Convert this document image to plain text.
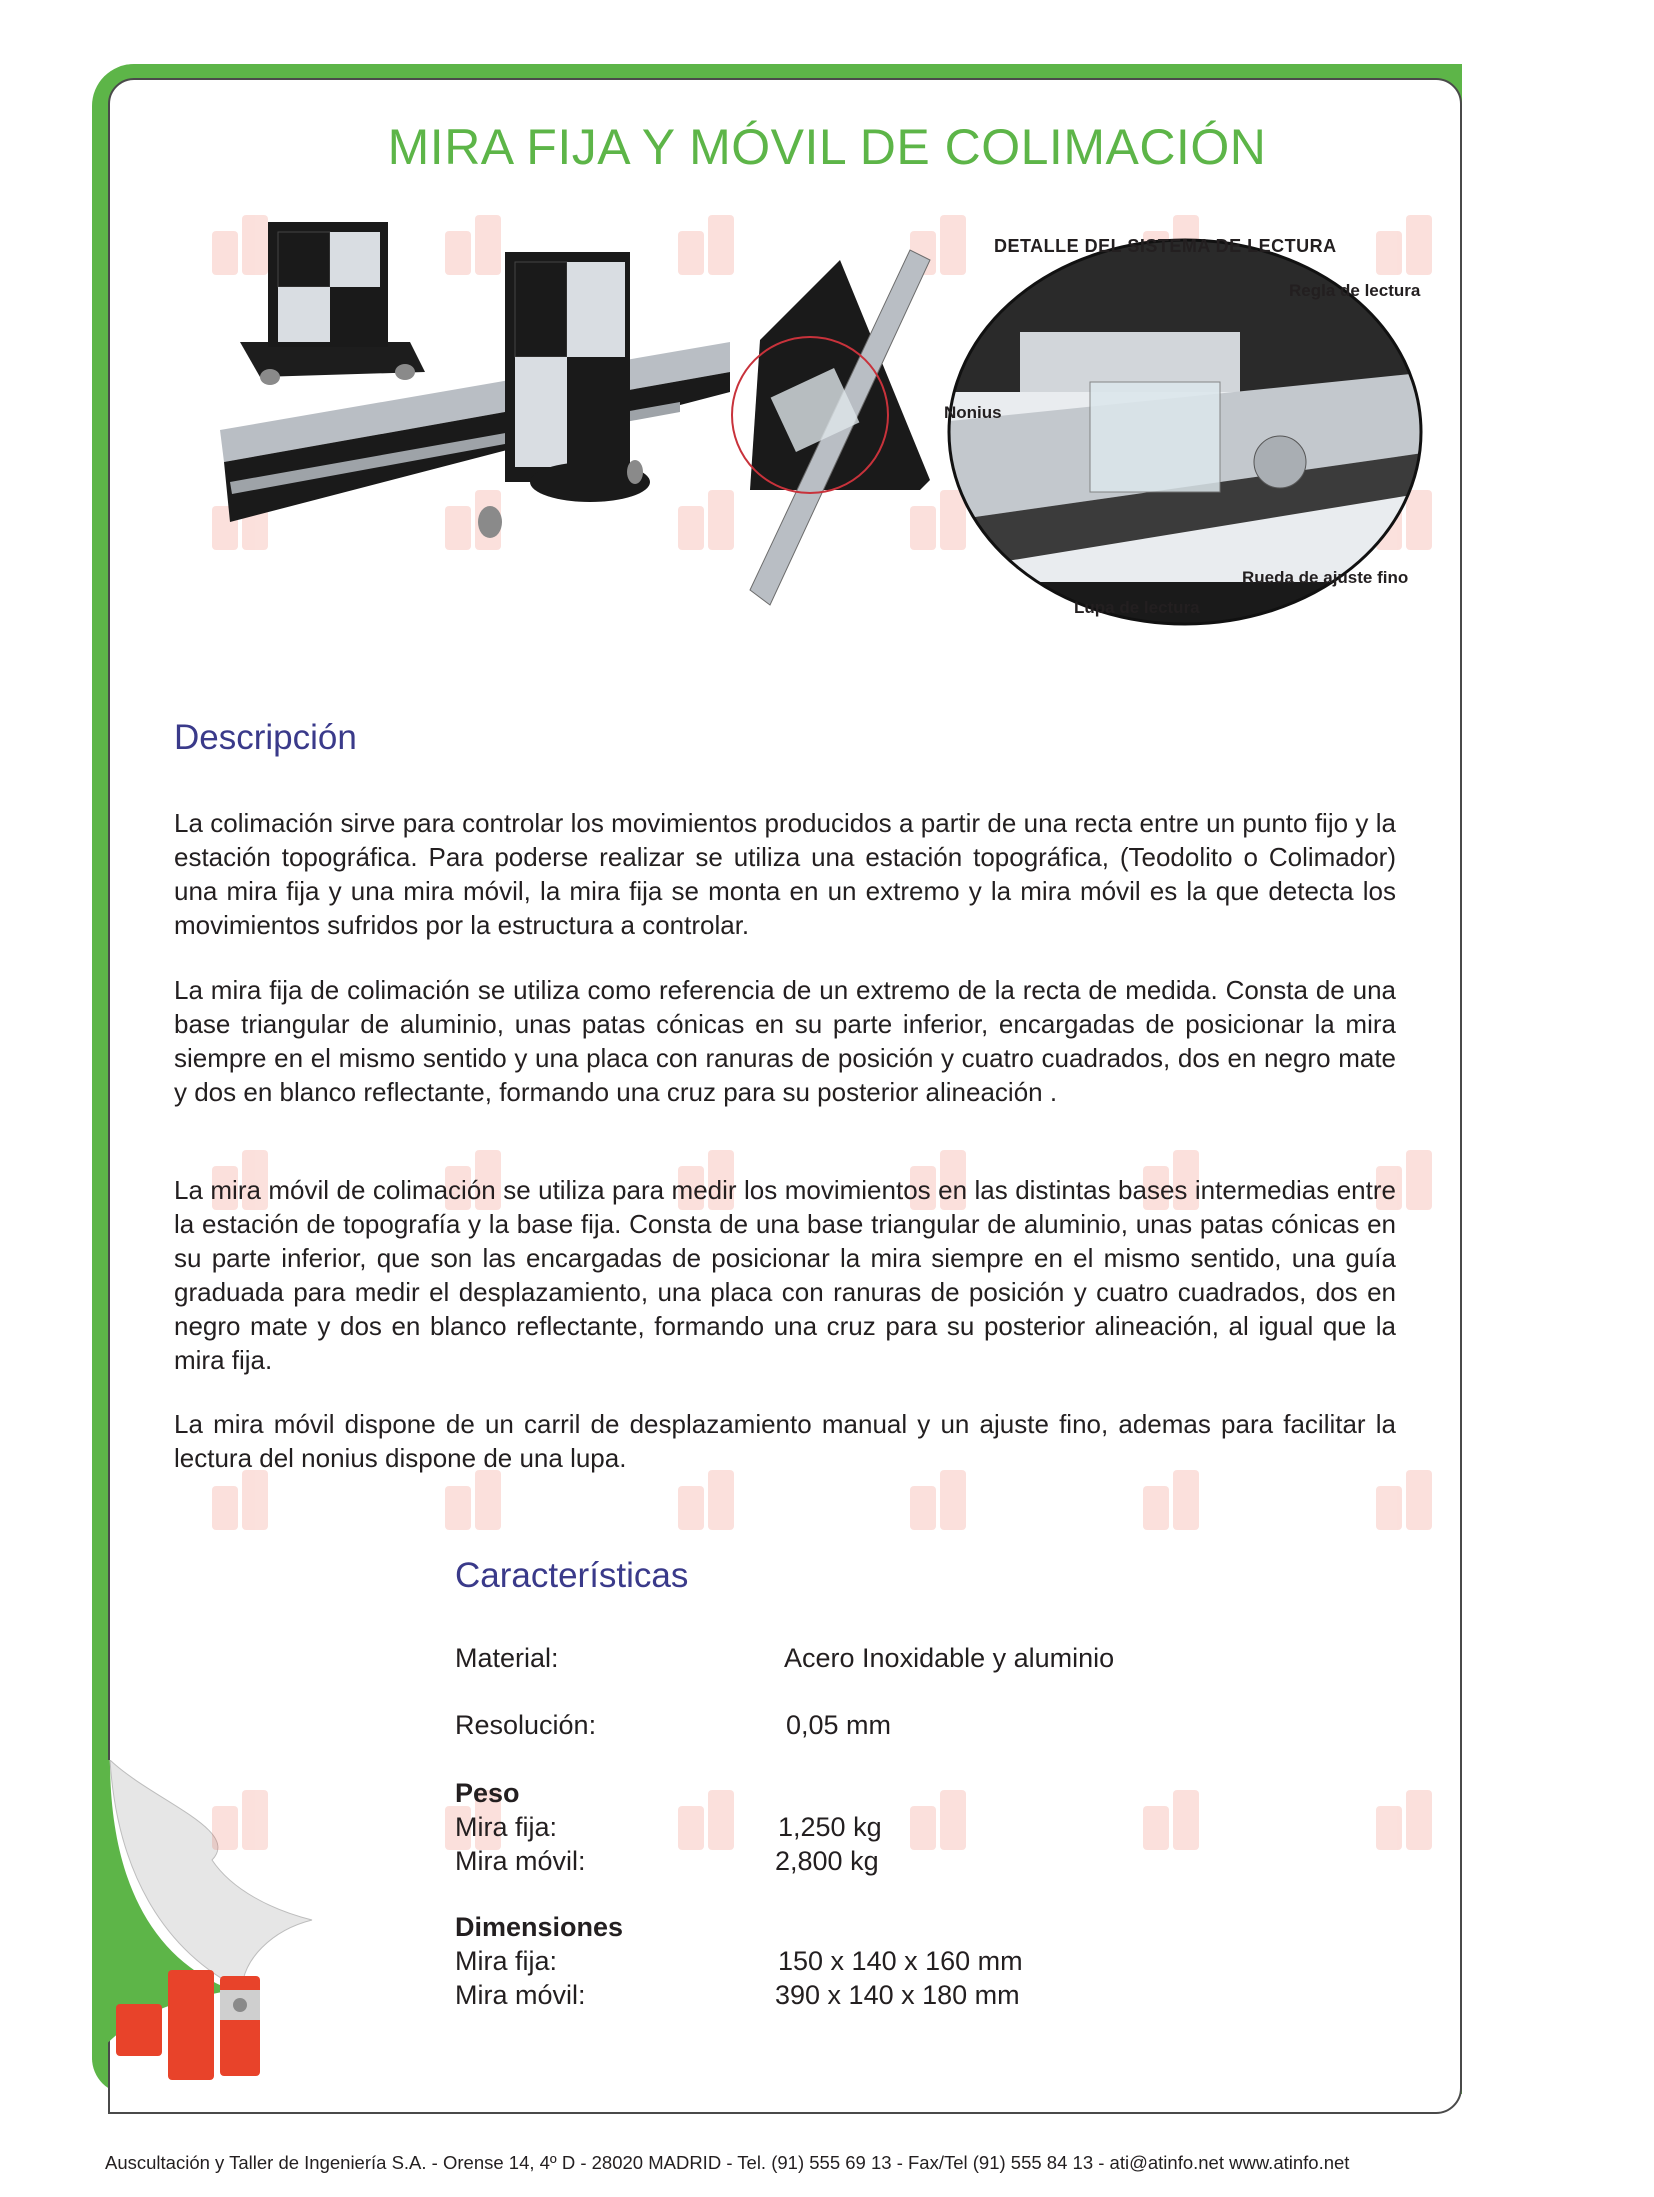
MIRA FIJA Y MÓVIL DE COLIMACIÓN
DETALLE DEL SISTEMA DE LECTURA
Regla de lectura
Nonius
Rueda de ajuste fino
Lupa de lectura
Descripción

La colimación sirve para controlar los movimientos producidos a partir de una recta entre un punto fijo y la estación topográfica. Para poderse realizar se utiliza una estación topográfica, (Teodolito o Colimador) una mira fija y una mira móvil, la mira fija se monta en un extremo y la mira móvil es la que detecta los movimientos sufridos por la estructura a controlar.

La mira fija de colimación se utiliza como referencia de un extremo de la recta de medida. Consta de una base triangular de aluminio, unas patas cónicas en su parte inferior, encargadas de posicionar la mira siempre en el mismo sentido y una placa con ranuras de posición y cuatro cuadrados, dos en negro mate y dos en blanco reflectante, formando una cruz para su posterior alineación .

La mira móvil de colimación se utiliza para medir los movimientos en las distintas bases intermedias entre la estación de topografía y la base fija. Consta de una base triangular de aluminio, unas patas cónicas en su parte inferior, que son las encargadas de posicionar la mira siempre en el mismo sentido, una guía graduada para medir el desplazamiento, una placa con ranuras de posición y cuatro cuadrados, dos en negro mate y dos en blanco reflectante, formando una cruz para su posterior alineación, al igual que la mira fija.

La mira móvil dispone de un carril de desplazamiento manual y un ajuste fino, ademas para facilitar la lectura del nonius dispone de una lupa.

Características
Material:	Acero Inoxidable y aluminio
Resolución:	0,05 mm
Peso
Mira fija:	1,250 kg
Mira móvil:	2,800 kg
Dimensiones
Mira fija:	150 x 140 x 160 mm
Mira móvil:	390 x 140 x 180 mm
Auscultación y Taller de Ingeniería S.A. - Orense 14, 4º D - 28020 MADRID - Tel. (91) 555 69 13 - Fax/Tel (91) 555 84 13 - ati@atinfo.net www.atinfo.net
